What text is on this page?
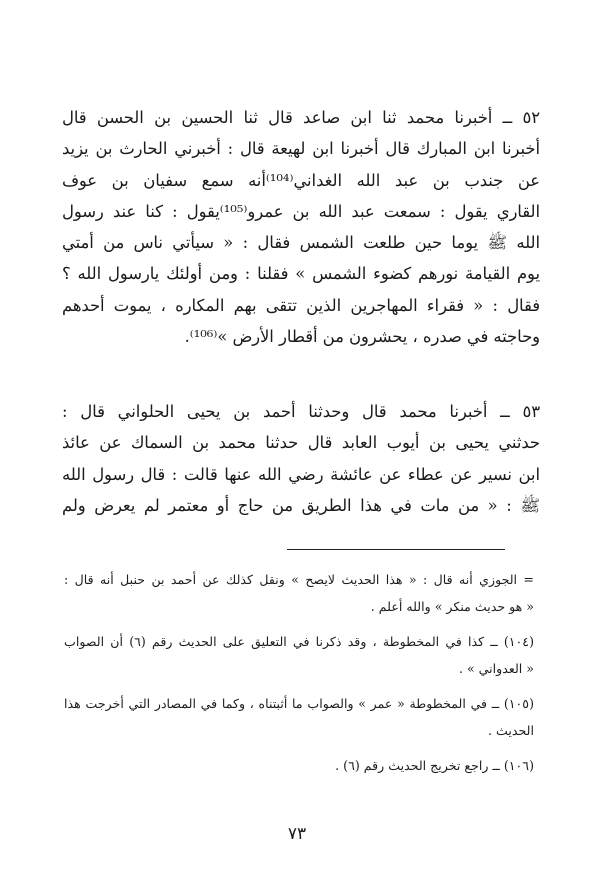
٥٢ ــ أخبرنا محمد ثنا ابن صاعد قال ثنا الحسين بن الحسن قال
أخبرنا ابن المبارك قال أخبرنا ابن لهيعة قال : أخبرني الحارث بن يزيد
عن جندب بن عبد الله الغداني⁽¹⁰⁴⁾أنه سمع سفيان بن عوف
القاري يقول : سمعت عبد الله بن عمرو⁽¹⁰⁵⁾يقول : كنا عند رسول
الله ﷺ يوما حين طلعت الشمس فقال : « سيأتي ناس من أمتي
يوم القيامة نورهم كضوء الشمس » فقلنا : ومن أولئك يارسول الله ؟
فقال : « فقراء المهاجرين الذين تتقى بهم المكاره ، يموت أحدهم
وحاجته في صدره ، يحشرون من أقطار الأرض »⁽¹⁰⁶⁾.
٥٣ ــ أخبرنا محمد قال وحدثنا أحمد بن يحيى الحلواني قال :
حدثني يحيى بن أيوب العابد قال حدثنا محمد بن السماك عن عائذ
ابن نسير عن عطاء عن عائشة رضي الله عنها قالت : قال رسول الله
ﷺ : « من مات في هذا الطريق من حاج أو معتمر لم يعرض ولم
= الجوزي أنه قال : « هذا الحديث لايصح » ونقل كذلك عن أحمد بن حنبل أنه قال :
« هو حديث منكر » والله أعلم .
(١٠٤) ــ كذا في المخطوطة ، وقد ذكرنا في التعليق على الحديث رقم (٦) أن الصواب
« العدواني » .
(١٠٥) ــ في المخطوطة « عمر » والصواب ما أثبتناه ، وكما في المصادر التي أخرجت هذا
الحديث .
(١٠٦) ــ راجع تخريج الحديث رقم (٦) .
٧٣
